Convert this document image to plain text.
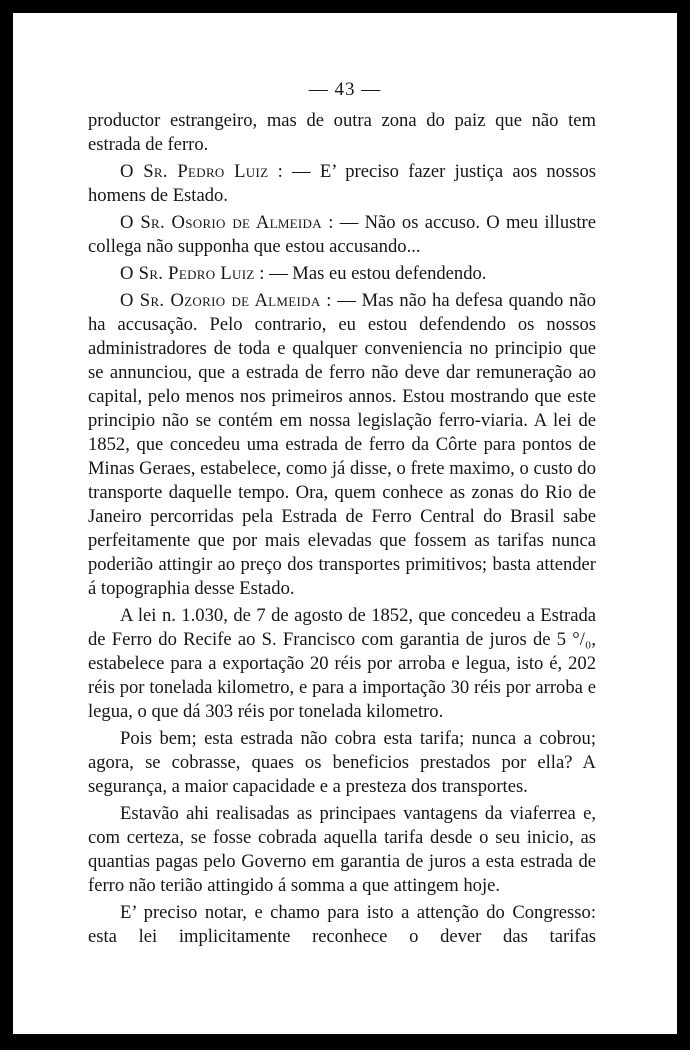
— 43 —

productor estrangeiro, mas de outra zona do paiz que não tem estrada de ferro.

O Sr. Pedro Luiz : — E’ preciso fazer justiça aos nossos homens de Estado.

O Sr. Osorio de Almeida : — Não os accuso. O meu illustre collega não supponha que estou accusando...

O Sr. Pedro Luiz : — Mas eu estou defendendo.

O Sr. Ozorio de Almeida : — Mas não ha defesa quando não ha accusação. Pelo contrario, eu estou defendendo os nossos administradores de toda e qualquer conveniencia no principio que se annunciou, que a estrada de ferro não deve dar remuneração ao capital, pelo menos nos primeiros annos. Estou mostrando que este principio não se contém em nossa legislação ferro-viaria. A lei de 1852, que concedeu uma estrada de ferro da Côrte para pontos de Minas Geraes, estabelece, como já disse, o frete maximo, o custo do transporte daquelle tempo. Ora, quem conhece as zonas do Rio de Janeiro percorridas pela Estrada de Ferro Central do Brasil sabe perfeitamente que por mais elevadas que fossem as tarifas nunca poderião attingir ao preço dos transportes primitivos; basta attender á topographia desse Estado.

A lei n. 1.030, de 7 de agosto de 1852, que concedeu a Estrada de Ferro do Recife ao S. Francisco com garantia de juros de 5 °/₀, estabelece para a exportação 20 réis por arroba e legua, isto é, 202 réis por tonelada kilometro, e para a importação 30 réis por arroba e legua, o que dá 303 réis por tonelada kilometro.

Pois bem; esta estrada não cobra esta tarifa; nunca a cobrou; agora, se cobrasse, quaes os beneficios prestados por ella? A segurança, a maior capacidade e a presteza dos transportes.

Estavão ahi realisadas as principaes vantagens da viaferrea e, com certeza, se fosse cobrada aquella tarifa desde o seu inicio, as quantias pagas pelo Governo em garantia de juros a esta estrada de ferro não terião attingido á somma a que attingem hoje.

E’ preciso notar, e chamo para isto a attenção do Congresso: esta lei implicitamente reconhece o dever das tarifas
